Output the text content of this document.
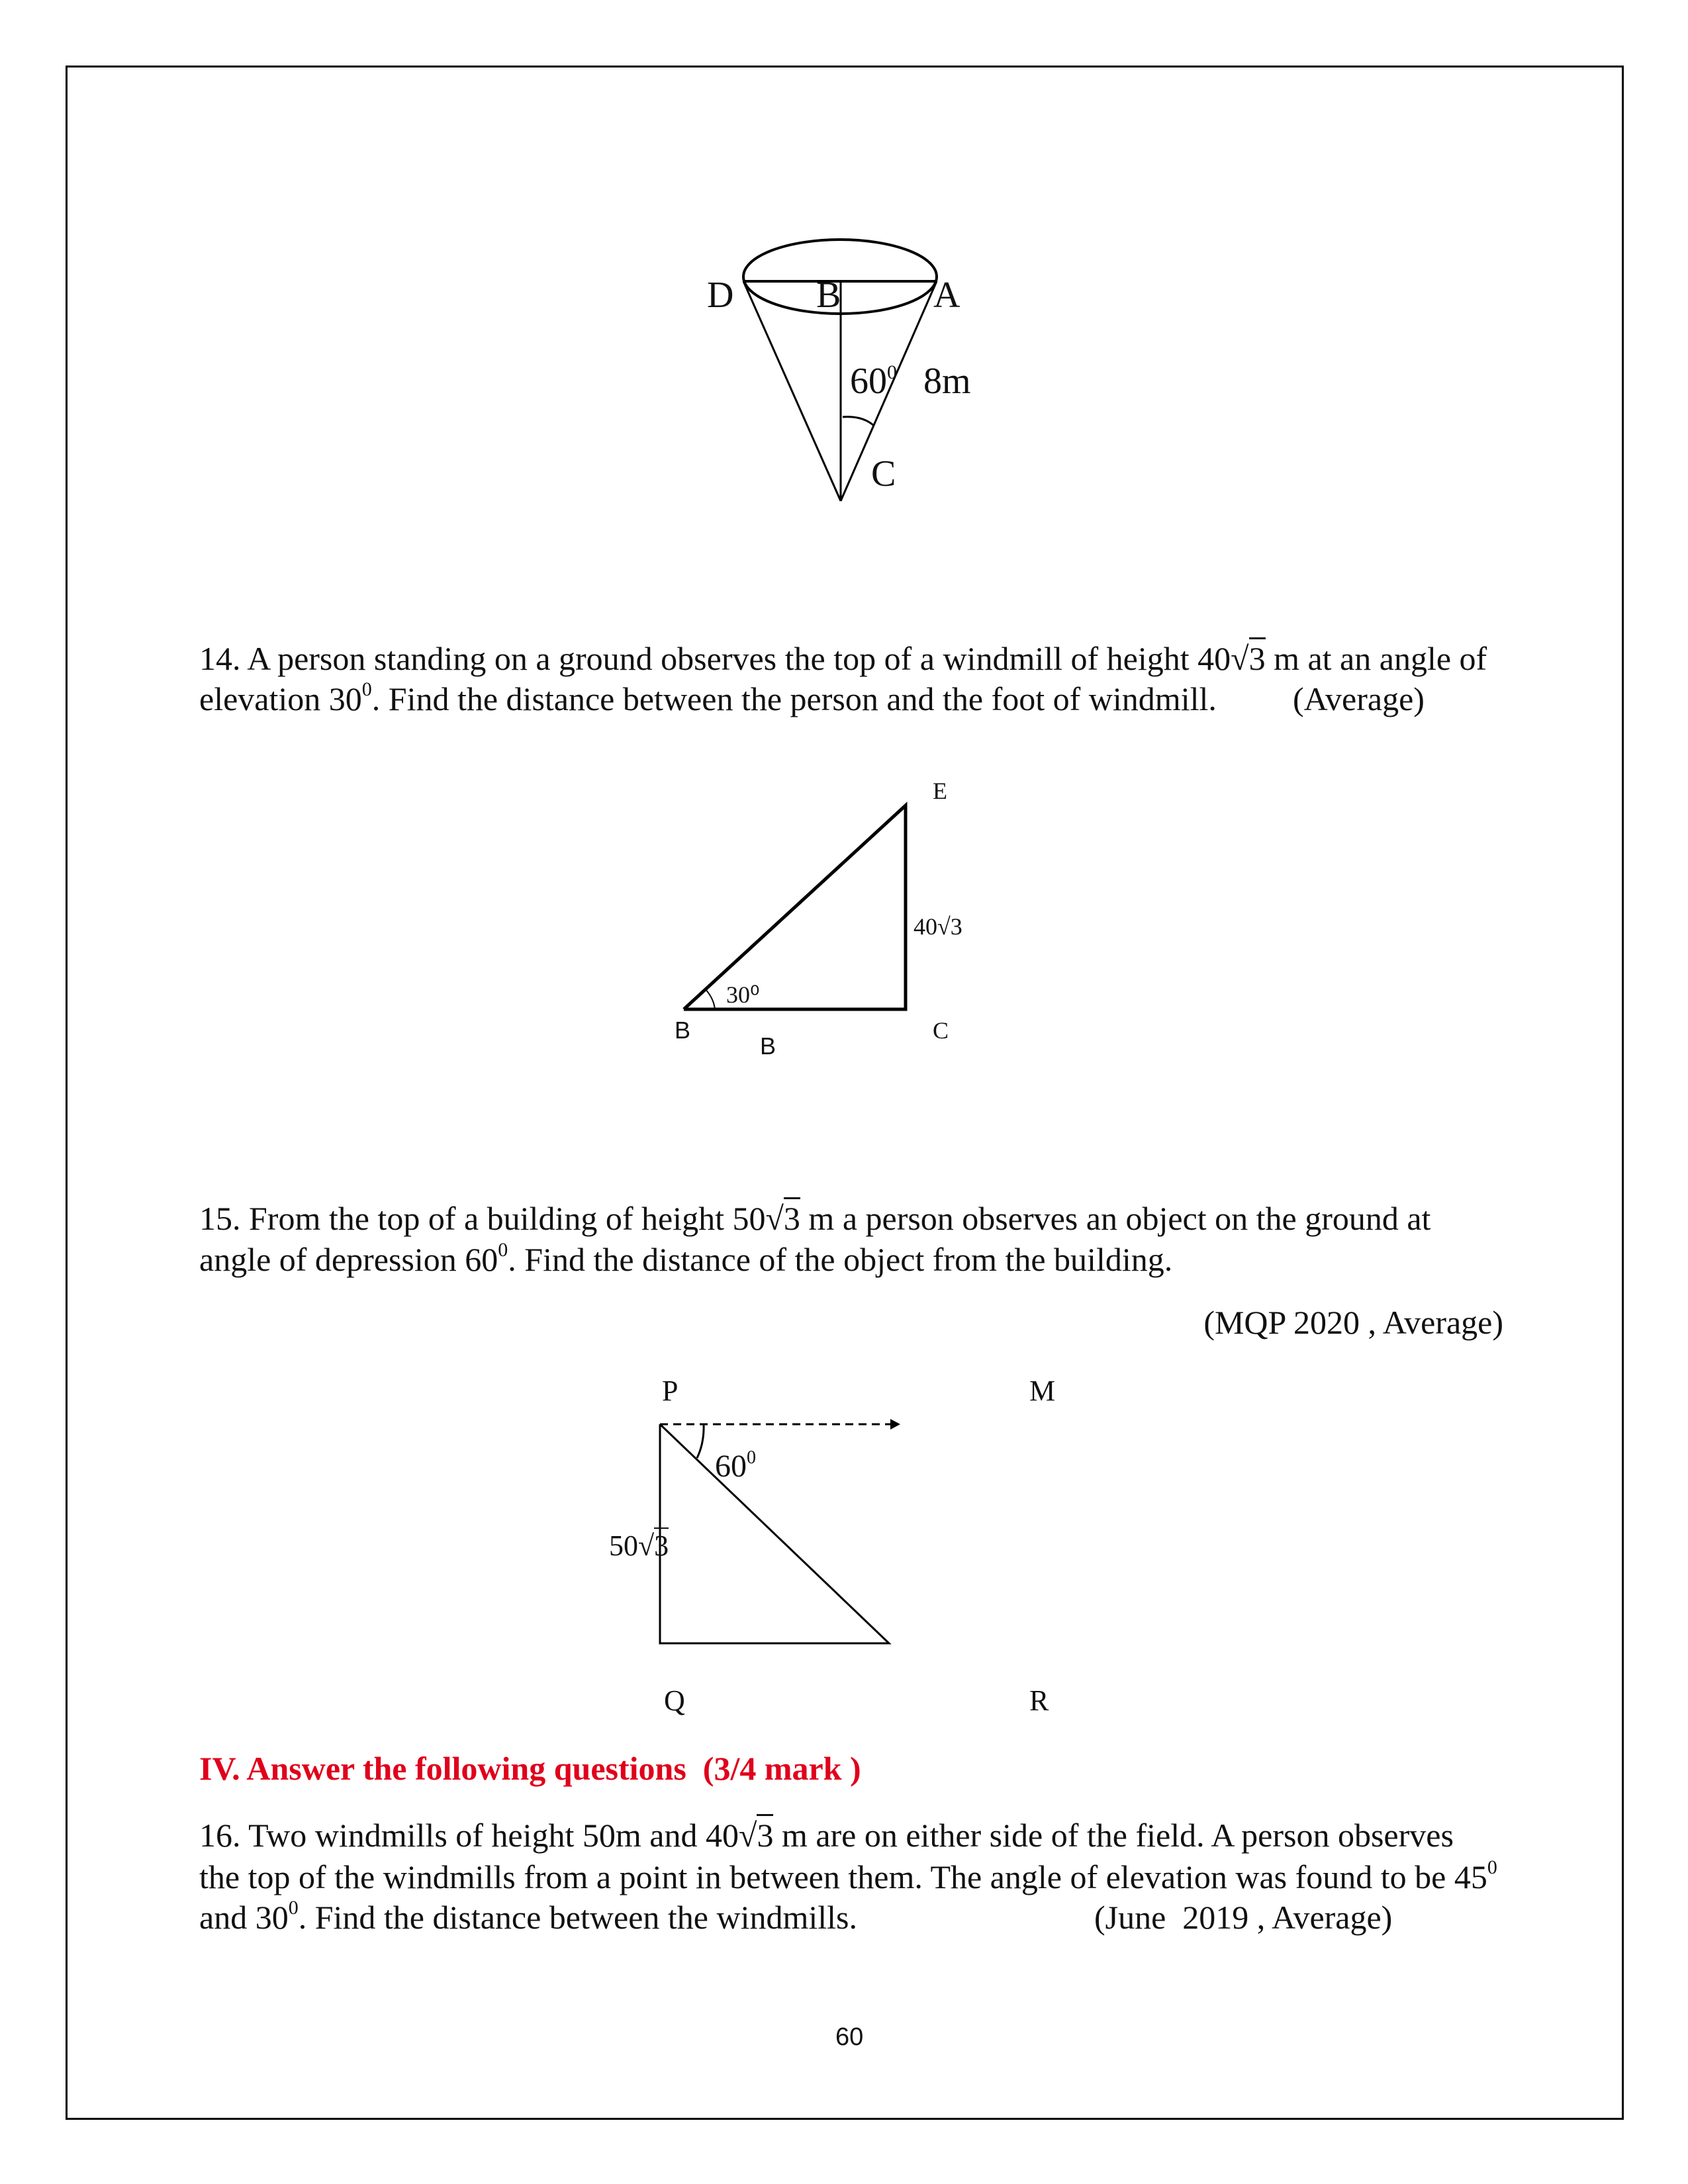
D B A
$60^0$ 8m
C
E
40√3
30⁰
C
B
B
P	M
$60^0$
50√3
Q	R
14. A person standing on a ground observes the top of a windmill of height 40√3 m at an angle of
elevation $30^0$. Find the distance between the person and the foot of windmill. (Average)
15. From the top of a building of height 50√3 m a person observes an object on the ground at
angle of depression $60^0$. Find the distance of the object from the building.
(MQP 2020 , Average)
IV. Answer the following questions  (3/4 mark )
16. Two windmills of height 50m and 40√3 m are on either side of the field. A person observes
the top of the windmills from a point in between them. The angle of elevation was found to be $45^0$
and $30^0$. Find the distance between the windmills.	(June  2019 , Average)
60
